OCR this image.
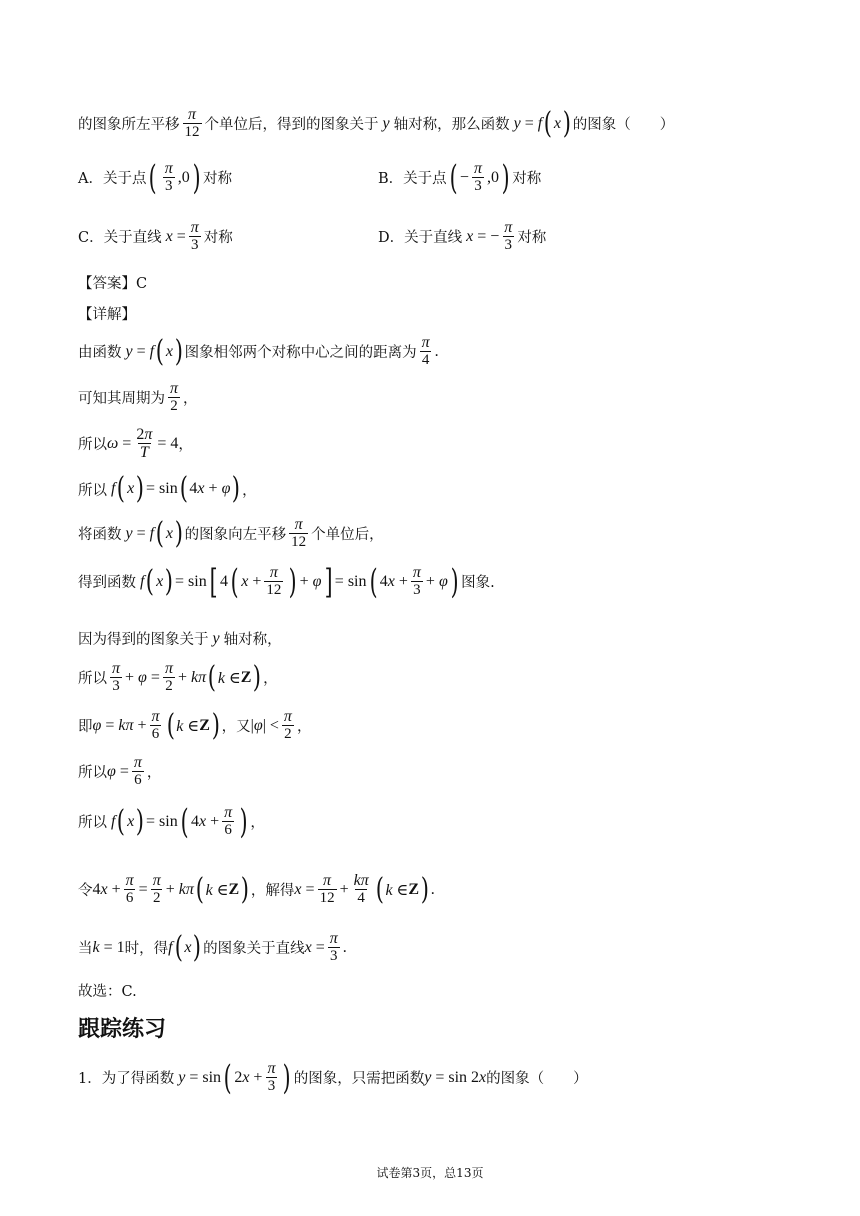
的图象所左平移 $\frac{\pi}{12}$ 个单位后，得到的图象关于 y 轴对称，那么函数 y = f ( x ) 的图象（　　）
A．关于点 ( $\frac{\pi}{3} ,0$ ) 对称	B．关于点 ( − $\frac{\pi}{3} ,0$ ) 对称
C．关于直线 $x = \frac{\pi}{3}$ 对称	D．关于直线 x = − $\frac{\pi}{3}$ 对称
【答案】C
【详解】
由函数 y = f ( x ) 图象相邻两个对称中心之间的距离为 $\frac{\pi}{4}$ .
可知其周期为 $\frac{\pi}{2}$ ，
所以 $\omega = \frac{2\pi}{T} = 4$ ，
所以 f ( x ) = sin ( 4x + φ ) ，
将函数 y = f ( x ) 的图象向左平移 $\frac{\pi}{12}$ 个单位后，
得到函数 f ( x ) = sin [ 4 ( $x + \frac{\pi}{12}$ ) + φ ] = sin ( $4x + \frac{\pi}{3} + \varphi$ ) 图象.
因为得到的图象关于 y 轴对称，
所以 $\frac{\pi}{3} + \varphi = \frac{\pi}{2} + k\pi$ ( k ∈ Z ) ，
即 $\varphi = k\pi + \frac{\pi}{6}$ ( k ∈ Z ) ，又 $|\varphi| < \frac{\pi}{2}$ ，
所以 $\varphi = \frac{\pi}{6}$ ，
所以 f ( x ) = sin ( $4x + \frac{\pi}{6}$ ) ，
令 $4x + \frac{\pi}{6} = \frac{\pi}{2} + k\pi$ ( k ∈ Z ) ，解得 $x = \frac{\pi}{12} + \frac{k\pi}{4}$ ( k ∈ Z ) .
当 k = 1 时，得 f ( x ) 的图象关于直线 $x = \frac{\pi}{3}$ .
故选：C.
跟踪练习
1．为了得函数 y = sin ( $2x + \frac{\pi}{3}$ ) 的图象，只需把函数 y = sin 2x 的图象（　　）
试卷第3页，总13页
